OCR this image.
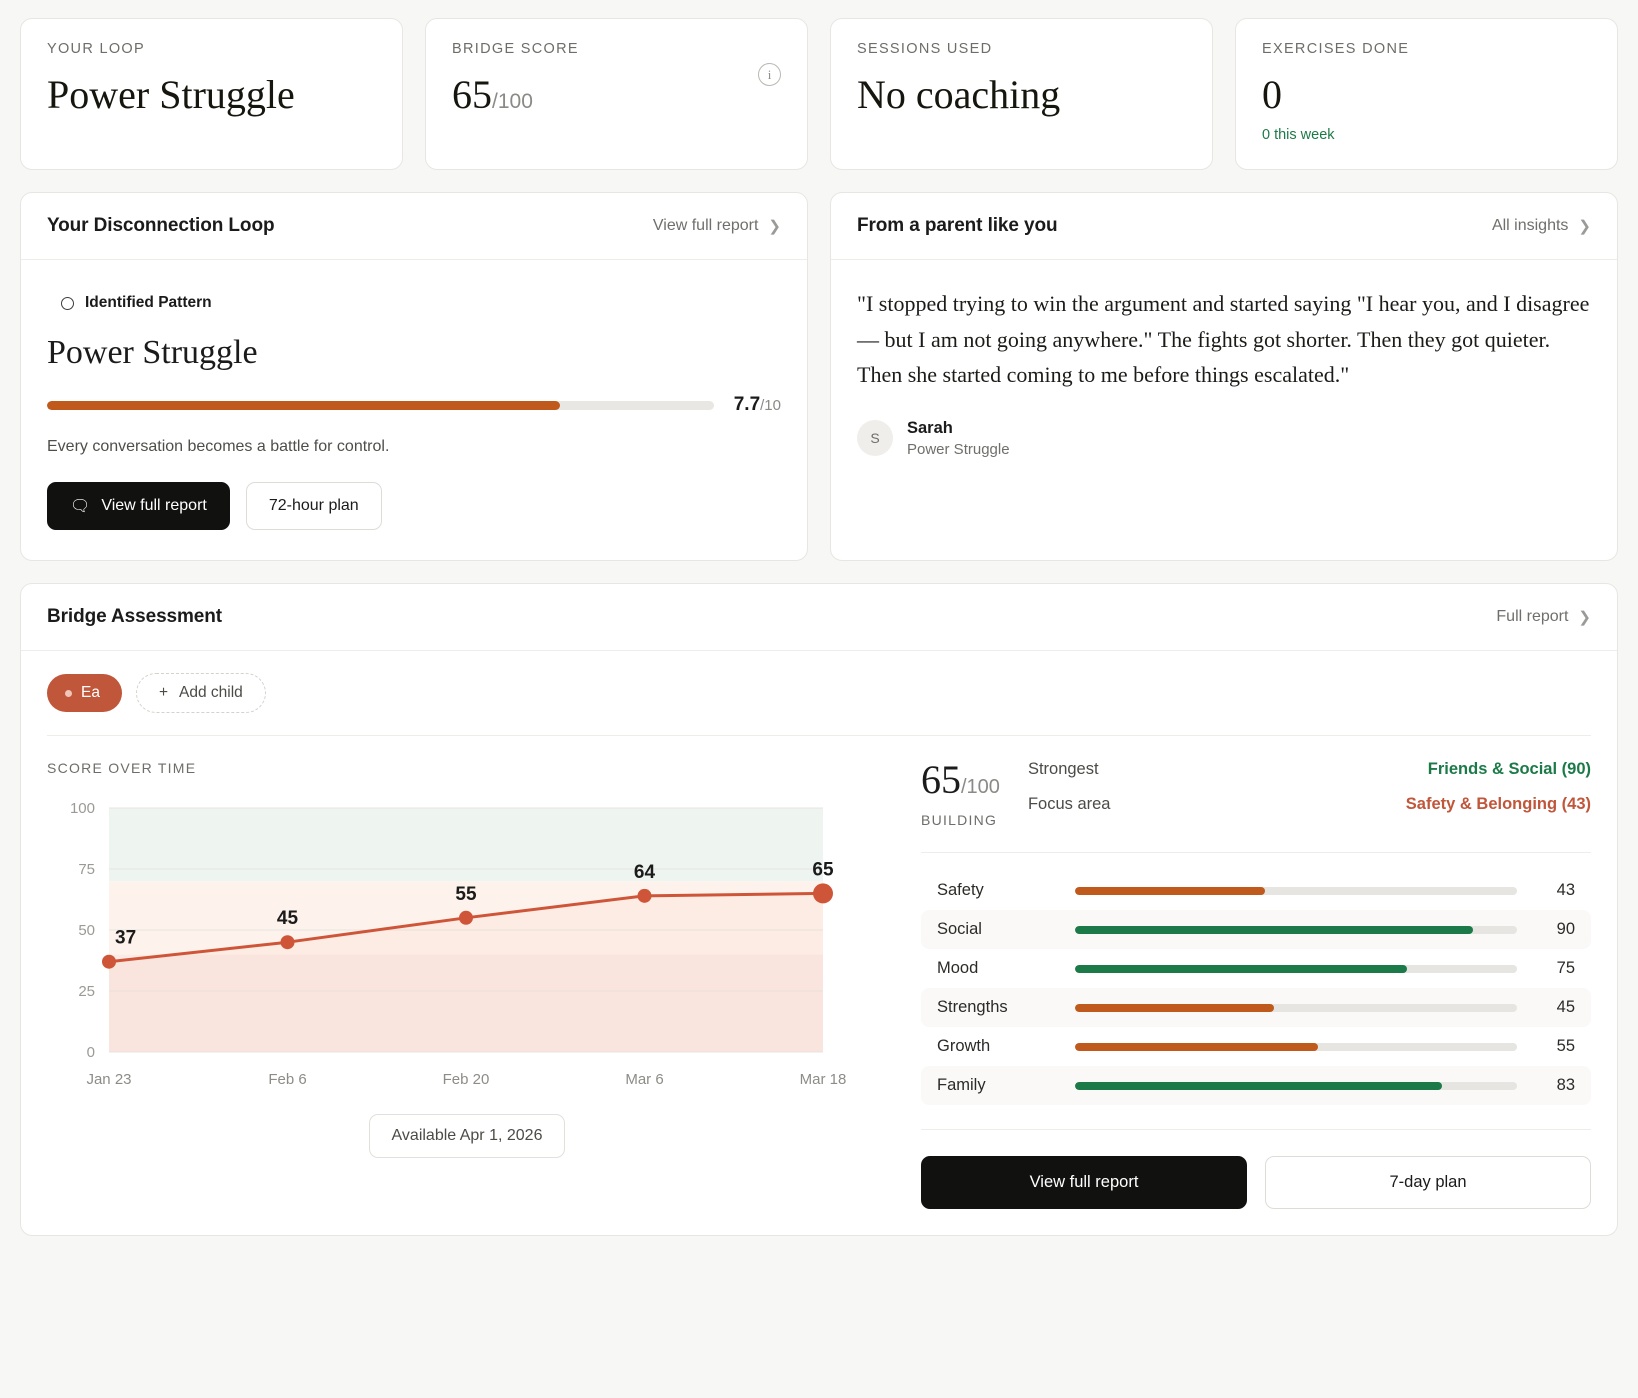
YOUR LOOP
Power Struggle
BRIDGE SCORE
65/100
i
SESSIONS USED
No coaching
EXERCISES DONE
0
0 this week
Your Disconnection Loop	View full report ❯
Identified Pattern
Power Struggle
7.7/10
Every conversation becomes a battle for control.
🗨 View full report	72-hour plan
From a parent like you	All insights ❯
"I stopped trying to win the argument and started saying "I hear you, and I disagree — but I am not going anywhere." The fights got shorter. Then they got quieter. Then she started coming to me before things escalated."
S
Sarah
Power Struggle
Bridge Assessment	Full report ❯
Ea	+ Add child
SCORE OVER TIME
0
25
50
75
100
37
45
55
64	65
Jan 23	Feb 6	Feb 20	Mar 6	Mar 18
Available Apr 1, 2026
65/100
BUILDING
Strongest	Friends & Social (90)
Focus area	Safety & Belonging (43)
Safety	43
Social	90
Mood	75
Strengths	45
Growth	55
Family	83
View full report	7-day plan
